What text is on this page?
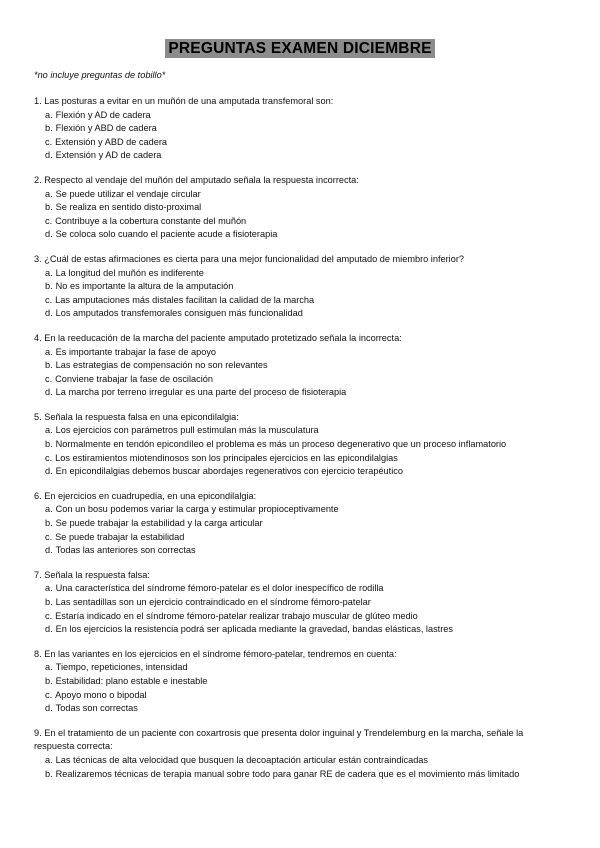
PREGUNTAS EXAMEN DICIEMBRE
*no incluye preguntas de tobillo*

1. Las posturas a evitar en un muñón de una amputada transfemoral son:

a. Flexión y AD de cadera
b. Flexión y ABD de cadera
c. Extensión y ABD de cadera
d. Extensión y AD de cadera

2. Respecto al vendaje del muñón del amputado señala la respuesta incorrecta:

a. Se puede utilizar el vendaje circular
b. Se realiza en sentido disto-proximal
c. Contribuye a la cobertura constante del muñón
d. Se coloca solo cuando el paciente acude a fisioterapia

3. ¿Cuál de estas afirmaciones es cierta para una mejor funcionalidad del amputado de miembro inferior?

a. La longitud del muñón es indiferente
b. No es importante la altura de la amputación
c. Las amputaciones más distales facilitan la calidad de la marcha
d. Los amputados transfemorales consiguen más funcionalidad

4. En la reeducación de la marcha del paciente amputado protetizado señala la incorrecta:

a. Es importante trabajar la fase de apoyo
b. Las estrategias de compensación no son relevantes
c. Conviene trabajar la fase de oscilación
d. La marcha por terreno irregular es una parte del proceso de fisioterapia

5. Señala la respuesta falsa en una epicondilalgia:

a. Los ejercicios con parámetros pull estimulan más la musculatura
b. Normalmente en tendón epicondíleo el problema es más un proceso degenerativo que un proceso inflamatorio
c. Los estiramientos miotendinosos son los principales ejercicios en las epicondilalgias
d. En epicondilalgias debemos buscar abordajes regenerativos con ejercicio terapéutico

6. En ejercicios en cuadrupedia, en una epicondilalgia:

a. Con un bosu podemos variar la carga y estimular propioceptivamente
b. Se puede trabajar la estabilidad y la carga articular
c. Se puede trabajar la estabilidad
d. Todas las anteriores son correctas

7. Señala la respuesta falsa:

a. Una característica del síndrome fémoro-patelar es el dolor inespecífico de rodilla
b. Las sentadillas son un ejercicio contraindicado en el síndrome fémoro-patelar
c. Estaría indicado en el síndrome fémoro-patelar realizar trabajo muscular de glúteo medio
d. En los ejercicios la resistencia podrá ser aplicada mediante la gravedad, bandas elásticas, lastres

8. En las variantes en los ejercicios en el síndrome fémoro-patelar, tendremos en cuenta:

a. Tiempo, repeticiones, intensidad
b. Estabilidad: plano estable e inestable
c. Apoyo mono o bipodal
d. Todas son correctas

9. En el tratamiento de un paciente con coxartrosis que presenta dolor inguinal y Trendelemburg en la marcha, señale la respuesta correcta:

a. Las técnicas de alta velocidad que busquen la decoaptación articular están contraindicadas
b. Realizaremos técnicas de terapia manual sobre todo para ganar RE de cadera que es el movimiento más limitado
